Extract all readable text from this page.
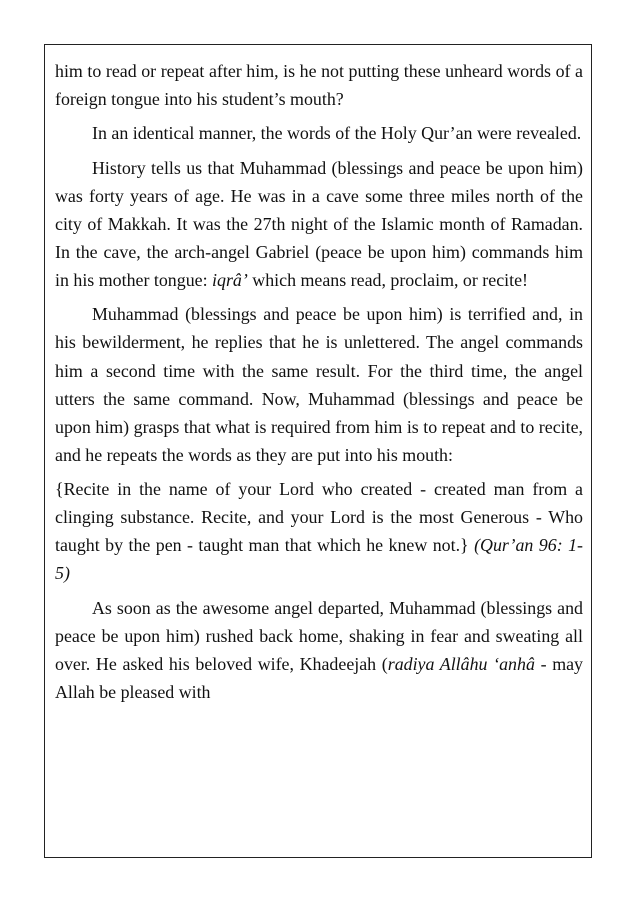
him to read or repeat after him, is he not putting these unheard words of a foreign tongue into his student’s mouth?

In an identical manner, the words of the Holy Qur’an were revealed.

History tells us that Muhammad (blessings and peace be upon him) was forty years of age. He was in a cave some three miles north of the city of Makkah. It was the 27th night of the Islamic month of Ramadan. In the cave, the arch-angel Gabriel (peace be upon him) commands him in his mother tongue: iqrâ’ which means read, proclaim, or recite!

Muhammad (blessings and peace be upon him) is terrified and, in his bewilderment, he replies that he is unlettered. The angel commands him a second time with the same result. For the third time, the angel utters the same command. Now, Muhammad (blessings and peace be upon him) grasps that what is required from him is to repeat and to recite, and he repeats the words as they are put into his mouth:

{Recite in the name of your Lord who created - created man from a clinging substance. Recite, and your Lord is the most Generous - Who taught by the pen - taught man that which he knew not.} (Qur’an 96: 1-5)

As soon as the awesome angel departed, Muhammad (blessings and peace be upon him) rushed back home, shaking in fear and sweating all over. He asked his beloved wife, Khadeejah (radiya Allâhu ‘anhâ - may Allah be pleased with
